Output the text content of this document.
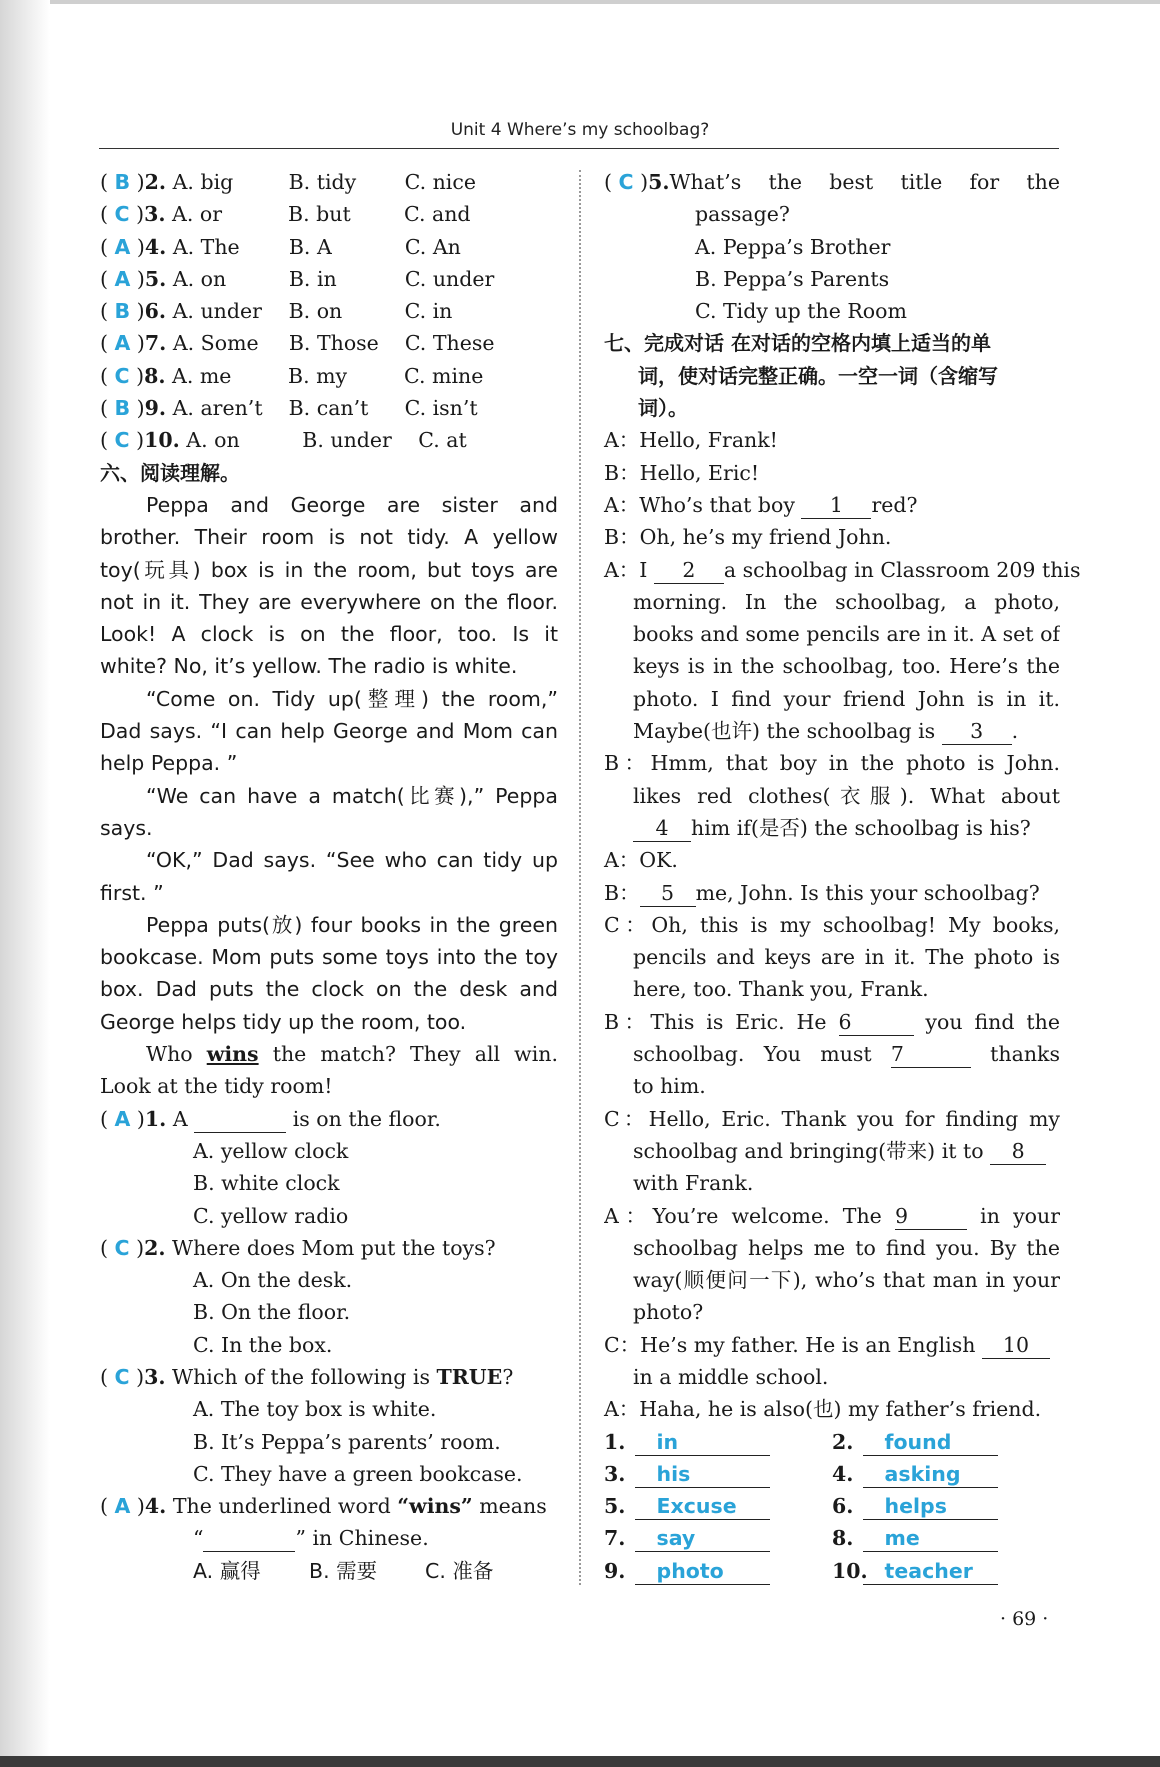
Unit 4 Where’s my schoolbag?
( B )2. A. big	B. tidy C. nice
( C )3. A. or	B. but	C. and
( A )4. A. The B. A	C. An
( A )5. A. on	B. in	C. under
( B )6. A. under B. on	C. in
( A )7. A. Some B. Those C. These
( C )8. A. me	B. my	C. mine
( B )9. A. aren’t B. can’t C. isn’t
( C )10. A. on	B. under C. at
六、阅读理解。
Peppa and George are sister and
brother. Their room is not tidy. A yellow
toy(玩具) box is in the room, but toys are
not in it. They are everywhere on the floor.
Look! A clock is on the floor, too. Is it
white? No, it’s yellow. The radio is white.
“Come on. Tidy up(整理) the room,”
Dad says. “I can help George and Mom can
help Peppa. ”
“We can have a match(比赛),” Peppa
says.
“OK,” Dad says. “See who can tidy up
first. ”
Peppa puts(放) four books in the green
bookcase. Mom puts some toys into the toy
box. Dad puts the clock on the desk and
George helps tidy up the room, too.
Who wins the match? They all win.
Look at the tidy room!
( A )1. A	is on the floor.
A. yellow clock
B. white clock
C. yellow radio
( C )2. Where does Mom put the toys?
A. On the desk.
B. On the floor.
C. In the box.
( C )3. Which of the following is TRUE?
A. The toy box is white.
B. It’s Peppa’s parents’ room.
C. They have a green bookcase.
( A )4. The underlined word “wins” means
“	” in Chinese.
A. 赢得 B. 需要 C. 准备
( C )5. What’s the best title for the
passage?
A. Peppa’s Brother
B. Peppa’s Parents
C. Tidy up the Room
七、完成对话 在对话的空格内填上适当的单
词，使对话完整正确。一空一词（含缩写
词）。
A：Hello, Frank!
B：Hello, Eric!
A：Who’s that boy 1 red?
B：Oh, he’s my friend John.
A：I 2 a schoolbag in Classroom 209 this
morning. In the schoolbag, a photo,
books and some pencils are in it. A set of
keys is in the schoolbag, too. Here’s the
photo. I find your friend John is in it.
Maybe(也许) the schoolbag is 3 .
B：Hmm, that boy in the photo is John.
likes red clothes(衣服). What about
4 him if(是否) the schoolbag is his?
A：OK.
B： 5 me, John. Is this your schoolbag?
C：Oh, this is my schoolbag! My books,
pencils and keys are in it. The photo is
here, too. Thank you, Frank.
B：This is Eric. He 6	you find the
schoolbag. You must 7	thanks
to him.
C：Hello, Eric. Thank you for finding my
schoolbag and bringing(带来) it to 8
with Frank.
A：You’re welcome. The 9	in your
schoolbag helps me to find you. By the
way(顺便问一下), who’s that man in your
photo?
C：He’s my father. He is an English 10
in a middle school.
A：Haha, he is also(也) my father’s friend.
1. in	2. found
3. his	4. asking
5. Excuse	6. helps
7. say	8. me
9. photo	10. teacher
· 69 ·
